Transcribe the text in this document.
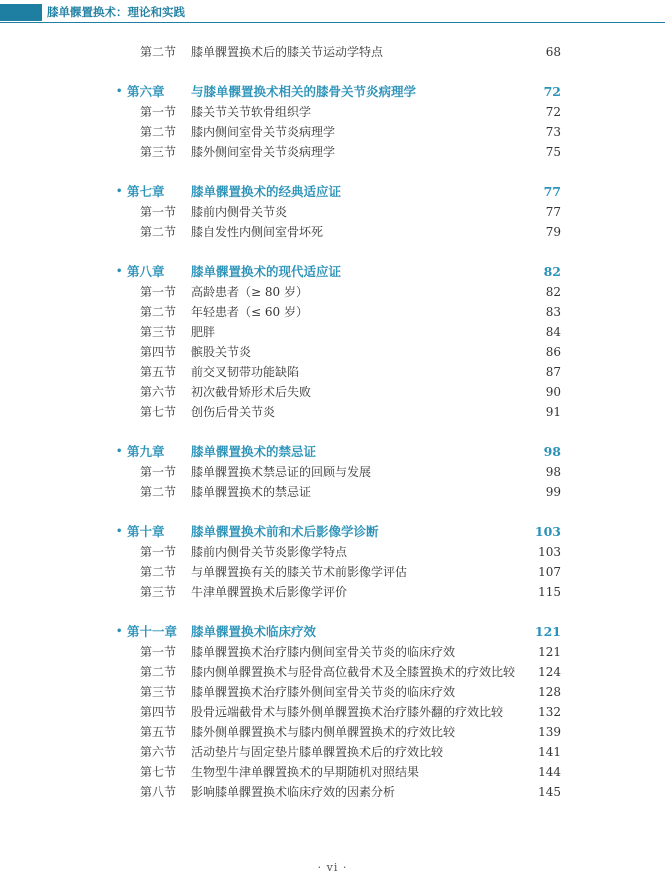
膝单髁置换术：理论和实践
第二节 膝单髁置换术后的膝关节运动学特点	68
• 第六章 与膝单髁置换术相关的膝骨关节炎病理学	72
第一节 膝关节关节软骨组织学	72
第二节 膝内侧间室骨关节炎病理学	73
第三节 膝外侧间室骨关节炎病理学	75
• 第七章 膝单髁置换术的经典适应证	77
第一节 膝前内侧骨关节炎	77
第二节 膝自发性内侧间室骨坏死	79
• 第八章 膝单髁置换术的现代适应证	82
第一节 高龄患者（≥ 80 岁）	82
第二节 年轻患者（≤ 60 岁）	83
第三节 肥胖	84
第四节 髌股关节炎	86
第五节 前交叉韧带功能缺陷	87
第六节 初次截骨矫形术后失败	90
第七节 创伤后骨关节炎	91
• 第九章 膝单髁置换术的禁忌证	98
第一节 膝单髁置换术禁忌证的回顾与发展	98
第二节 膝单髁置换术的禁忌证	99
• 第十章 膝单髁置换术前和术后影像学诊断	103
第一节 膝前内侧骨关节炎影像学特点	103
第二节 与单髁置换有关的膝关节术前影像学评估	107
第三节 牛津单髁置换术后影像学评价	115
• 第十一章 膝单髁置换术临床疗效	121
第一节 膝单髁置换术治疗膝内侧间室骨关节炎的临床疗效	121
第二节 膝内侧单髁置换术与胫骨高位截骨术及全膝置换术的疗效比较 124
第三节 膝单髁置换术治疗膝外侧间室骨关节炎的临床疗效	128
第四节 股骨远端截骨术与膝外侧单髁置换术治疗膝外翻的疗效比较	132
第五节 膝外侧单髁置换术与膝内侧单髁置换术的疗效比较	139
第六节 活动垫片与固定垫片膝单髁置换术后的疗效比较	141
第七节 生物型牛津单髁置换术的早期随机对照结果	144
第八节 影响膝单髁置换术临床疗效的因素分析	145
· vi ·
